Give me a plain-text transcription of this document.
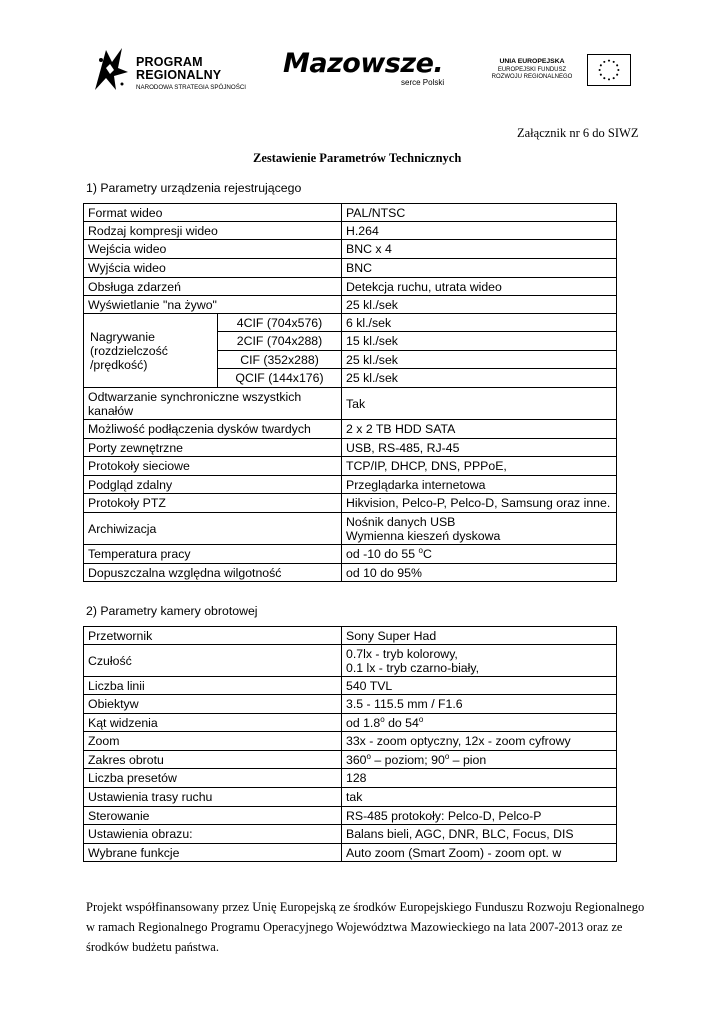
PROGRAM
REGIONALNY
NARODOWA STRATEGIA SPÓJNOŚCI
Mazowsze.
serce Polski
UNIA EUROPEJSKA
EUROPEJSKI FUNDUSZ
ROZWOJU REGIONALNEGO
Załącznik nr 6 do SIWZ
Zestawienie Parametrów Technicznych
1) Parametry urządzenia rejestrującego
Format wideo		PAL/NTSC
Rodzaj kompresji wideo		H.264
Wejścia wideo		BNC x 4
Wyjścia wideo		BNC
Obsługa zdarzeń		Detekcja ruchu, utrata wideo
Wyświetlanie "na żywo"		25 kl./sek

Nagrywanie
(rozdzielczość
/prędkość)	4CIF (704x576)	6 kl./sek
	2CIF (704x288)	15 kl./sek
	CIF (352x288)	25 kl./sek
	QCIF (144x176)	25 kl./sek

Odtwarzanie synchroniczne wszystkich
kanałów		Tak
Możliwość podłączenia dysków twardych		2 x 2 TB HDD SATA
Porty zewnętrzne		USB, RS-485, RJ-45
Protokoły sieciowe		TCP/IP, DHCP, DNS, PPPoE,
Podgląd zdalny		Przeglądarka internetowa
Protokoły PTZ		Hikvision, Pelco-P, Pelco-D, Samsung oraz inne.
Archiwizacja		Nośnik danych USB
Wymienna kieszeń dyskowa

Temperatura pracy		od -10 do 55 $^o$C
Dopuszczalna względna wilgotność		od 10 do 95%
2) Parametry kamery obrotowej
Przetwornik	Sony Super Had
Czułość	0.7lx - tryb kolorowy,
0.1 lx - tryb czarno-biały,

Liczba linii	540 TVL
Obiektyw	3.5 - 115.5 mm / F1.6
Kąt widzenia	od 1.8$^o$ do 54$^o$
Zoom	33x - zoom optyczny, 12x - zoom cyfrowy
Zakres obrotu	360$^o$ – poziom; 90$^o$ – pion
Liczba presetów	128
Ustawienia trasy ruchu	tak
Sterowanie	RS-485 protokoły: Pelco-D, Pelco-P
Ustawienia obrazu:	Balans bieli, AGC, DNR, BLC, Focus, DIS
Wybrane funkcje	Auto zoom (Smart Zoom) - zoom opt. w
Projekt współfinansowany przez Unię Europejską ze środków Europejskiego Funduszu Rozwoju Regionalnego w ramach Regionalnego Programu Operacyjnego Województwa Mazowieckiego na lata 2007-2013 oraz ze środków budżetu państwa.
